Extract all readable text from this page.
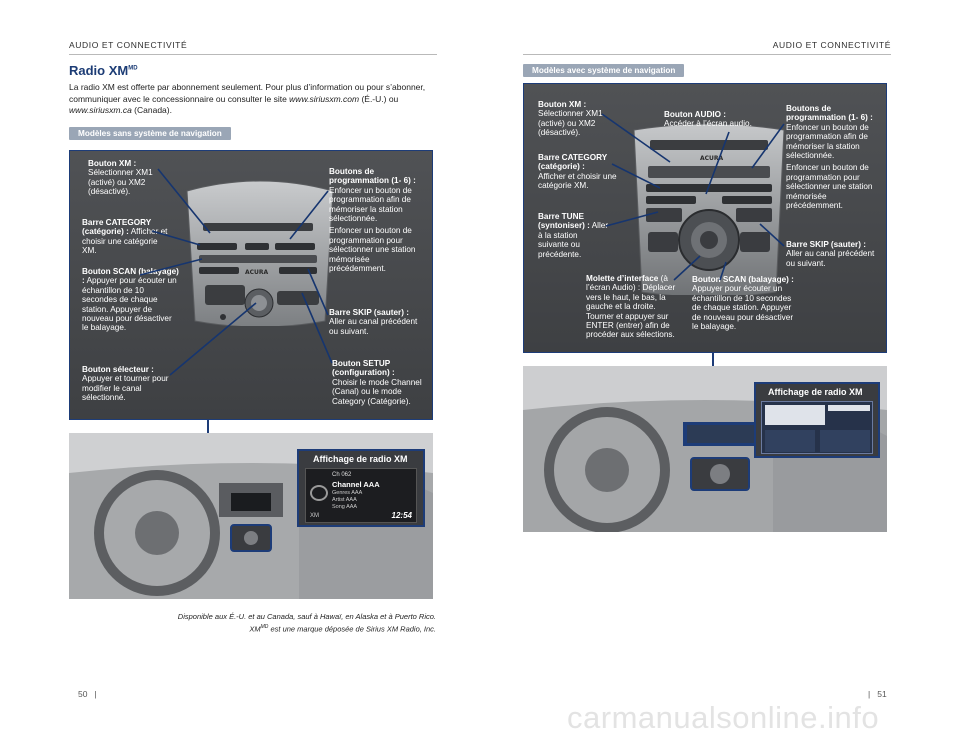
AUDIO ET CONNECTIVITÉ	AUDIO ET CONNECTIVITÉ
Radio $XM^{MD}$
La radio XM est offerte par abonnement seulement. Pour plus d’information ou pour s’abonner, communiquer avec le concessionnaire ou consulter le site www.siriusxm.com (É.-U.) ou www.siriusxm.ca (Canada).
Modèles sans système de navigation
ACURA
Bouton XM :
Sélectionner XM1 (activé) ou XM2 (désactivé).
Barre CATEGORY (catégorie) : Afficher et choisir une catégorie XM.
Bouton SCAN (balayage) : Appuyer pour écouter un échantillon de 10 secondes de chaque station. Appuyer de nouveau pour désactiver le balayage.
Bouton sélecteur :
Appuyer et tourner pour modifier le canal sélectionné.
Boutons de programmation (1- 6) : Enfoncer un bouton de programmation afin de mémoriser la station sélectionnée.

Enfoncer un bouton de programmation pour sélectionner une station mémorisée précédemment.
Barre SKIP (sauter) :
Aller au canal précédent ou suivant.
Bouton SETUP (configuration) :
Choisir le mode Channel (Canal) ou le mode Category (Catégorie).
Affichage de radio XM
Ch 062
Channel AAA
Genres AAA
Artist AAA
Song AAA
XM	12:54
Disponible aux É.-U. et au Canada, sauf à Hawaï, en Alaska et à Puerto Rico.
$XM^{MD}$ est une marque déposée de Sirius XM Radio, Inc.
50   |
Modèles avec système de navigation
ACURA
Bouton XM :
Sélectionner XM1 (activé) ou XM2 (désactivé).
Bouton AUDIO :
Accéder à l’écran audio.
Boutons de programmation (1- 6) : Enfoncer un bouton de programmation afin de mémoriser la station sélectionnée.

Enfoncer un bouton de programmation pour sélectionner une station mémorisée précédemment.
Barre CATEGORY (catégorie) :
Afficher et choisir une catégorie XM.
Barre TUNE (syntoniser) : Aller à la station suivante ou précédente.
Barre SKIP (sauter) :
Aller au canal précédent ou suivant.
Molette d’interface (à l’écran Audio) : Déplacer vers le haut, le bas, la gauche et la droite. Tourner et appuyer sur ENTER (entrer) afin de procéder aux sélections.
Bouton SCAN (balayage) : Appuyer pour écouter un échantillon de 10 secondes de chaque station. Appuyer de nouveau pour désactiver le balayage.
Affichage de radio XM
|   51
carmanualsonline.info
